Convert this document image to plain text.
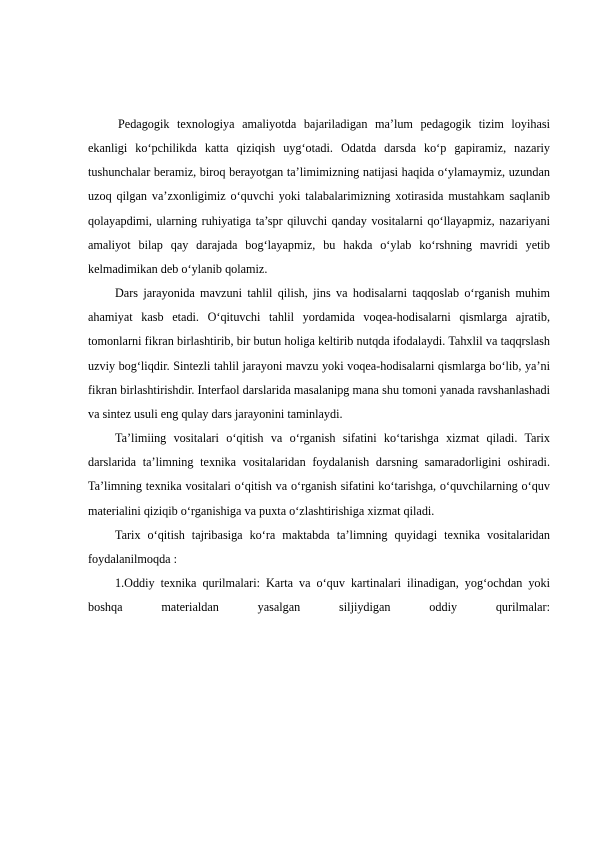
Pedagogik texnologiya amaliyotda bajariladigan ma’lum pedagogik tizim loyihasi ekanligi ko‘pchilikda katta qiziqish uyg‘otadi. Odatda darsda ko‘p gapiramiz, nazariy tushunchalar beramiz, biroq berayotgan ta’limimizning natijasi haqida o‘ylamaymiz, uzundan uzoq qilgan va’zxonligimiz o‘quvchi yoki talabalarimizning xotirasida mustahkam saqlanib qolayapdimi, ularning ruhiyatiga ta’spr qiluvchi qanday vositalarni qo‘llayapmiz, nazariyani amaliyot bilap qay darajada bog‘layapmiz, bu hakda o‘ylab ko‘rshning mavridi yetib kelmadimikan deb o‘ylanib qolamiz.

Dars jarayonida mavzuni tahlil qilish, jins va hodisalarni taqqoslab o‘rganish muhim ahamiyat kasb etadi. O‘qituvchi tahlil yordamida voqea-hodisalarni qismlarga ajratib, tomonlarni fikran birlashtirib, bir butun holiga keltirib nutqda ifodalaydi. Tahxlil va taqqrslash uzviy bog‘liqdir. Sintezli tahlil jarayoni mavzu yoki voqea-hodisalarni qismlarga bo‘lib, ya’ni fikran birlashtirishdir. Interfaol darslarida masalanipg mana shu tomoni yanada ravshanlashadi va sintez usuli eng qulay dars jarayonini taminlaydi.

Ta’limiing vositalari o‘qitish va o‘rganish sifatini ko‘tarishga xizmat qiladi. Tarix darslarida ta’limning texnika vositalaridan foydalanish darsning samaradorligini oshiradi. Ta’limning texnika vositalari o‘qitish va o‘rganish sifatini ko‘tarishga, o‘quvchilarning o‘quv materialini qiziqib o‘rganishiga va puxta o‘zlashtirishiga xizmat qiladi.

Tarix o‘qitish tajribasiga ko‘ra maktabda ta’limning quyidagi texnika vositalaridan foydalanilmoqda :

1.Oddiy texnika qurilmalari: Karta va o‘quv kartinalari ilinadigan, yog‘ochdan yoki boshqa materialdan yasalgan siljiydigan oddiy qurilmalar:
